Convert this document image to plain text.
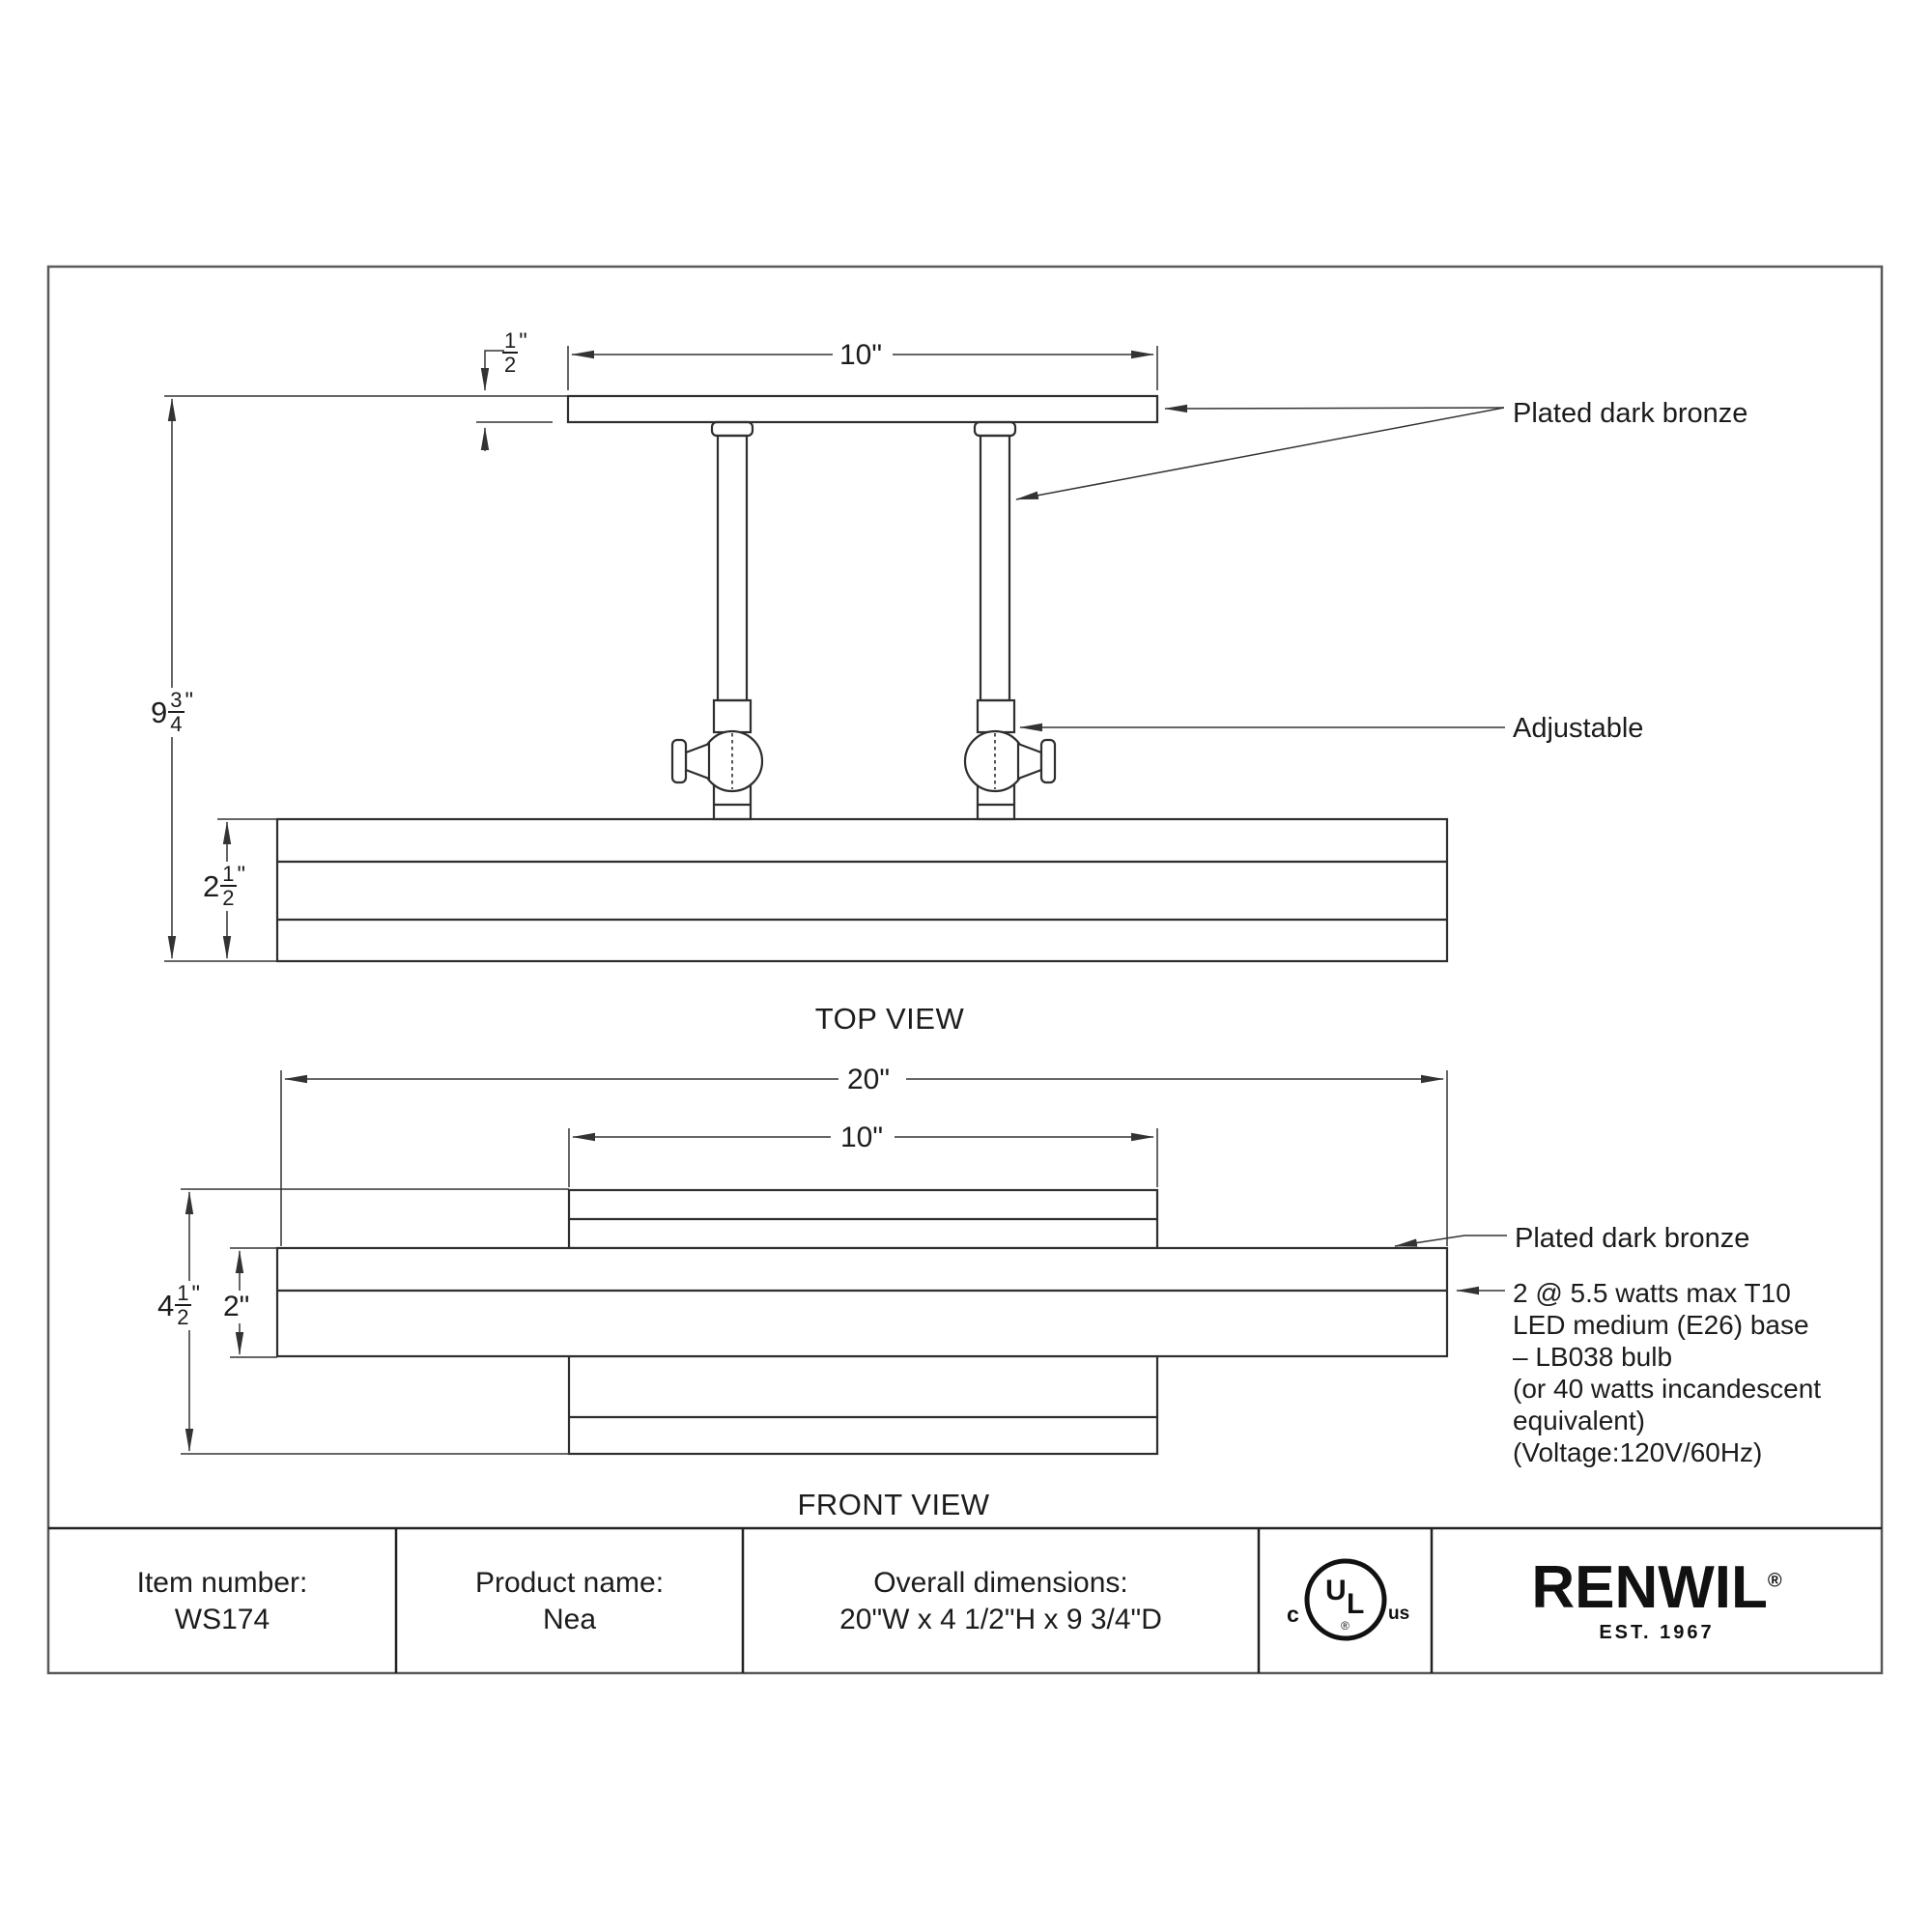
$\frac{1}{2}$ "	10"
$9 \frac{3}{4}$ "
$2 \frac{1}{2}$ "
Plated dark bronze
Adjustable
TOP VIEW
20"
10"
$4 \frac{1}{2}$ " 2"
Plated dark bronze
2 @ 5.5 watts max T10
LED medium (E26) base
– LB038 bulb
(or 40 watts incandescent
equivalent)
(Voltage:120V/60Hz)
FRONT VIEW
Item number:
WS174
Product name:
Nea
Overall dimensions:
20"W x 4 1/2"H x 9 3/4"D
U L
®
c	us RENWIL®
EST. 1967
